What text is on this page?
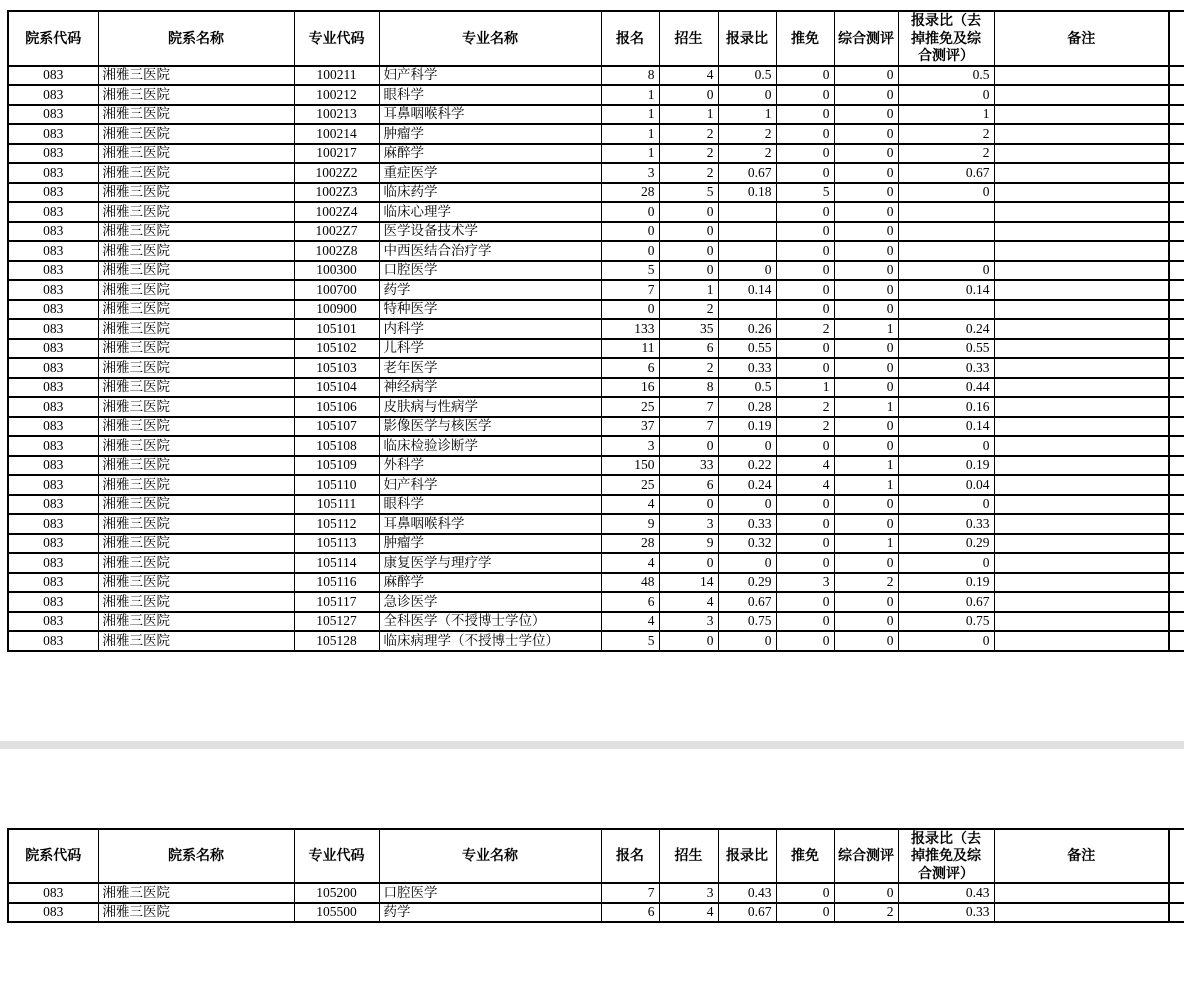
院系代码	院系名称	专业代码	专业名称	报名	招生	报录比	推免	综合测评	报录比（去掉推免及综合测评）	备注	
083	湘雅三医院	100211	妇产科学	8	4	0.5	0	0	0.5		
083	湘雅三医院	100212	眼科学	1	0	0	0	0	0		
083	湘雅三医院	100213	耳鼻咽喉科学	1	1	1	0	0	1		
083	湘雅三医院	100214	肿瘤学	1	2	2	0	0	2		
083	湘雅三医院	100217	麻醉学	1	2	2	0	0	2		
083	湘雅三医院	1002Z2	重症医学	3	2	0.67	0	0	0.67		
083	湘雅三医院	1002Z3	临床药学	28	5	0.18	5	0	0		
083	湘雅三医院	1002Z4	临床心理学	0	0		0	0			
083	湘雅三医院	1002Z7	医学设备技术学	0	0		0	0			
083	湘雅三医院	1002Z8	中西医结合治疗学	0	0		0	0			
083	湘雅三医院	100300	口腔医学	5	0	0	0	0	0		
083	湘雅三医院	100700	药学	7	1	0.14	0	0	0.14		
083	湘雅三医院	100900	特种医学	0	2		0	0			
083	湘雅三医院	105101	内科学	133	35	0.26	2	1	0.24		
083	湘雅三医院	105102	儿科学	11	6	0.55	0	0	0.55		
083	湘雅三医院	105103	老年医学	6	2	0.33	0	0	0.33		
083	湘雅三医院	105104	神经病学	16	8	0.5	1	0	0.44		
083	湘雅三医院	105106	皮肤病与性病学	25	7	0.28	2	1	0.16		
083	湘雅三医院	105107	影像医学与核医学	37	7	0.19	2	0	0.14		
083	湘雅三医院	105108	临床检验诊断学	3	0	0	0	0	0		
083	湘雅三医院	105109	外科学	150	33	0.22	4	1	0.19		
083	湘雅三医院	105110	妇产科学	25	6	0.24	4	1	0.04		
083	湘雅三医院	105111	眼科学	4	0	0	0	0	0		
083	湘雅三医院	105112	耳鼻咽喉科学	9	3	0.33	0	0	0.33		
083	湘雅三医院	105113	肿瘤学	28	9	0.32	0	1	0.29		
083	湘雅三医院	105114	康复医学与理疗学	4	0	0	0	0	0		
083	湘雅三医院	105116	麻醉学	48	14	0.29	3	2	0.19		
083	湘雅三医院	105117	急诊医学	6	4	0.67	0	0	0.67		
083	湘雅三医院	105127	全科医学（不授博士学位）	4	3	0.75	0	0	0.75		
083	湘雅三医院	105128	临床病理学（不授博士学位）	5	0	0	0	0	0		
院系代码	院系名称	专业代码	专业名称	报名	招生	报录比	推免	综合测评	报录比（去掉推免及综合测评）	备注	
083	湘雅三医院	105200	口腔医学	7	3	0.43	0	0	0.43		
083	湘雅三医院	105500	药学	6	4	0.67	0	2	0.33		
